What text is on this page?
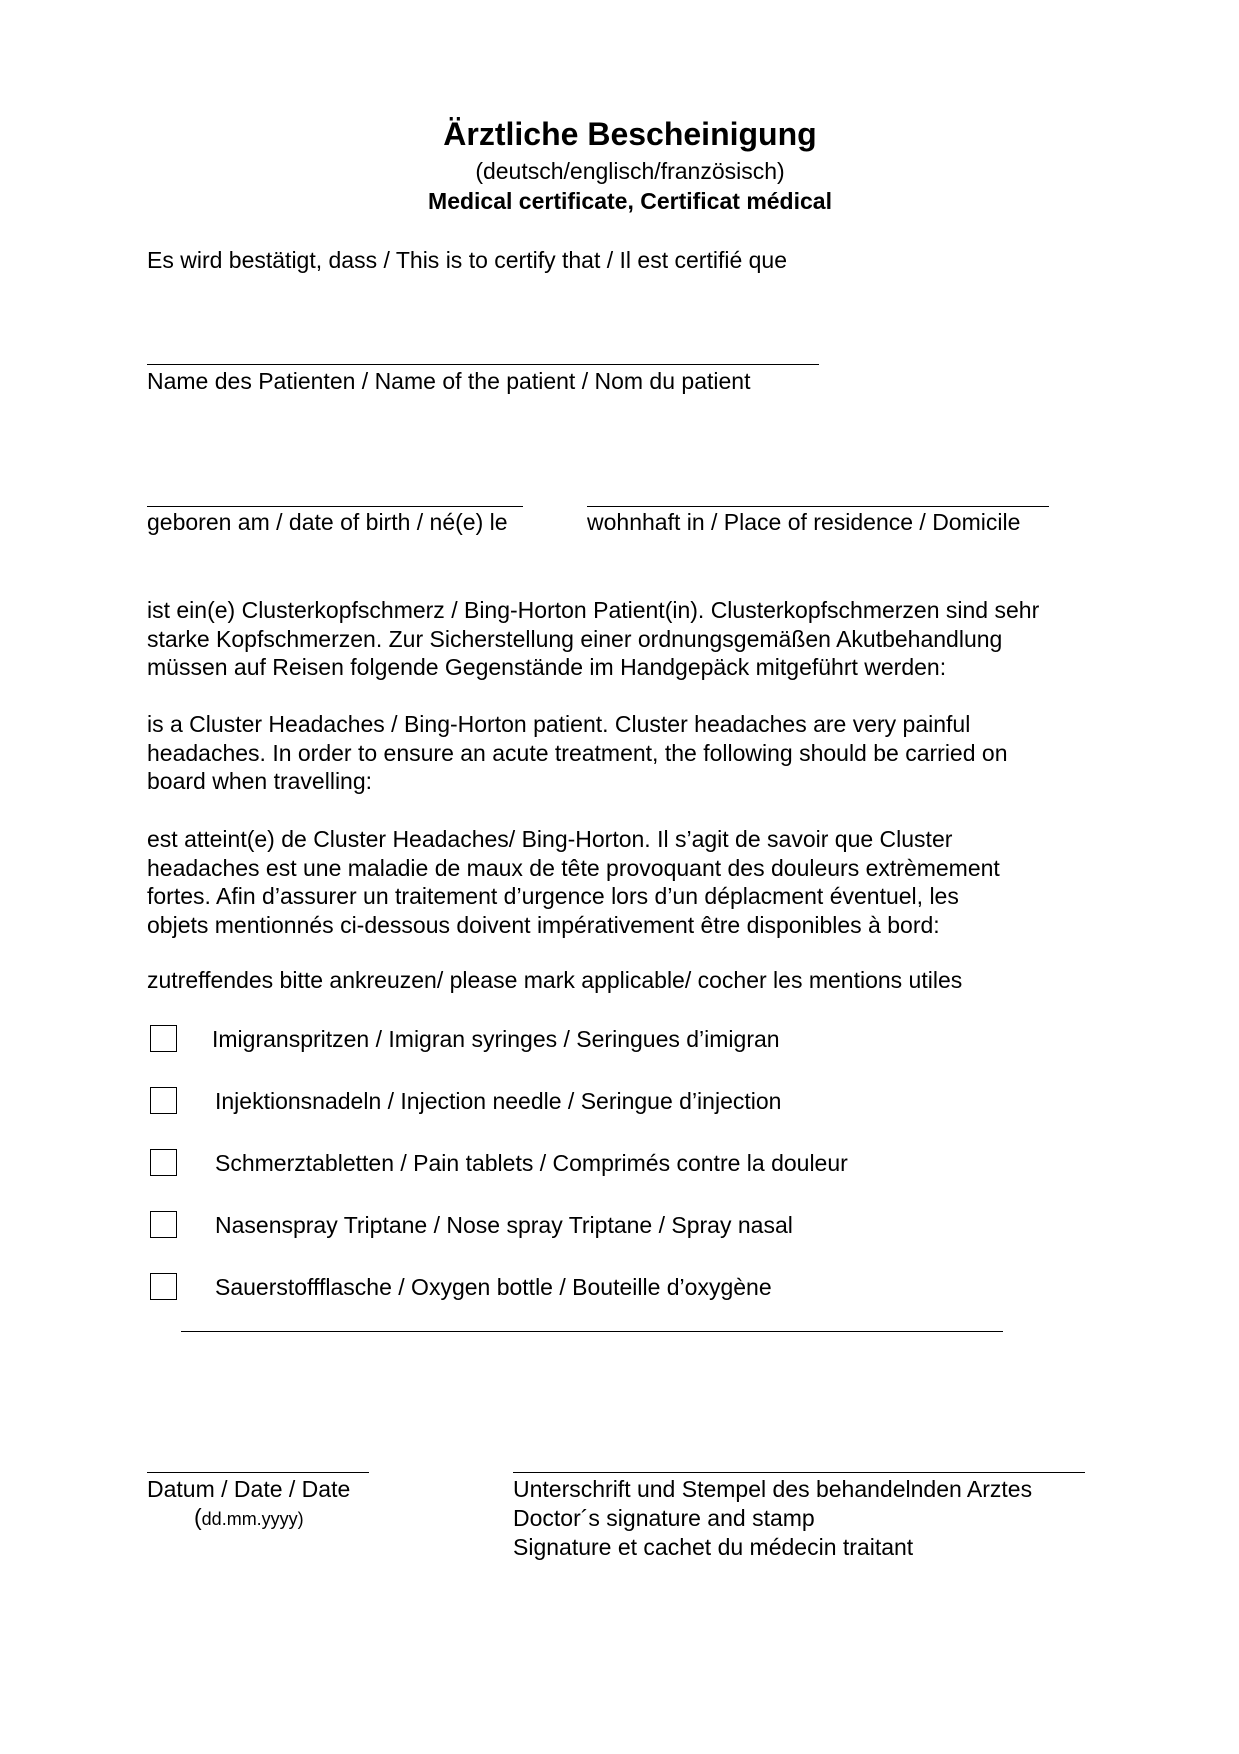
Ärztliche Bescheinigung
(deutsch/englisch/französisch)
Medical certificate, Certificat médical
Es wird bestätigt, dass / This is to certify that / Il est certifié que
Name des Patienten / Name of the patient / Nom du patient
geboren am / date of birth / né(e) le	wohnhaft in / Place of residence / Domicile
ist ein(e) Clusterkopfschmerz / Bing-Horton Patient(in). Clusterkopfschmerzen sind sehr
starke Kopfschmerzen. Zur Sicherstellung einer ordnungsgemäßen Akutbehandlung
müssen auf Reisen folgende Gegenstände im Handgepäck mitgeführt werden:
is a Cluster Headaches / Bing-Horton patient. Cluster headaches are very painful
headaches. In order to ensure an acute treatment, the following should be carried on
board when travelling:
est atteint(e) de Cluster Headaches/ Bing-Horton. Il s’agit de savoir que Cluster
headaches est une maladie de maux de tête provoquant des douleurs extrèmement
fortes. Afin d’assurer un traitement d’urgence lors d’un déplacment éventuel, les
objets mentionnés ci-dessous doivent impérativement être disponibles à bord:
zutreffendes bitte ankreuzen/ please mark applicable/ cocher les mentions utiles
Imigranspritzen / Imigran syringes / Seringues d’imigran
Injektionsnadeln / Injection needle / Seringue d’injection
Schmerztabletten / Pain tablets / Comprimés contre la douleur
Nasenspray Triptane / Nose spray Triptane / Spray nasal
Sauerstoffflasche / Oxygen bottle / Bouteille d’oxygène
Datum / Date / Date
(dd.mm.yyyy)
Unterschrift und Stempel des behandelnden Arztes
Doctor´s signature and stamp
Signature et cachet du médecin traitant
